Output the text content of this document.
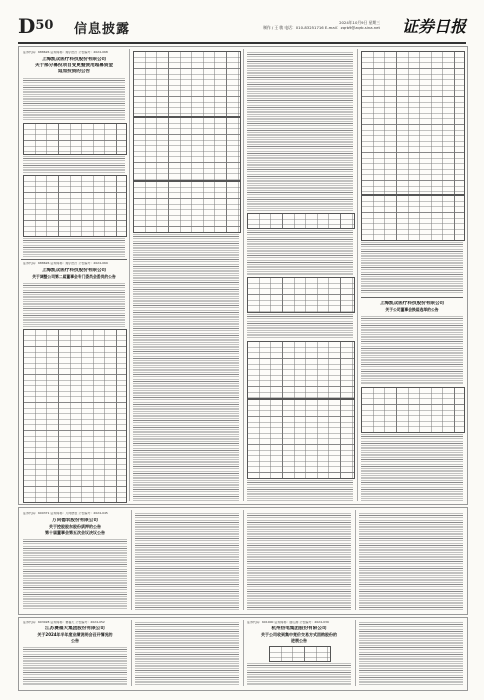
$D^{50}$ 信息披露	2024年10月9日 星期三
制作 / 王 敏 电话：010-83251716 E-mail：zqrb9@zqrb.sina.net 证券日报
证券代码：688626 证券简称：翔宇医疗 公告编号：2024-068
上海凯众医疗科技股份有限公司
关于部分募投项目变更暨使用超募资金
追加投资的公告
证券代码：688626 证券简称：翔宇医疗 公告编号：2024-069
上海凯众医疗科技股份有限公司
关于调整公司第二届董事会专门委员会委员的公告
上海凯众医疗科技股份有限公司
关于公司董事会换届选举的公告
证券代码：600371 证券简称：万向德农 公告编号：2024-045
万向德农股份有限公司
关于控股股东股份质押的公告
第十届董事会第五次会议决议公告
证券代码：603028 证券简称：赛福天 公告编号：2024-052
江苏赛福天集团股份有限公司
关于2024年半年度业绩说明会召开情况的
公告
证券代码：601000 证券简称：唐山港 公告编号：2024-039
杭州热电集团股份有限公司
关于公司收到集中竞价交易方式回购股份的
进展公告
